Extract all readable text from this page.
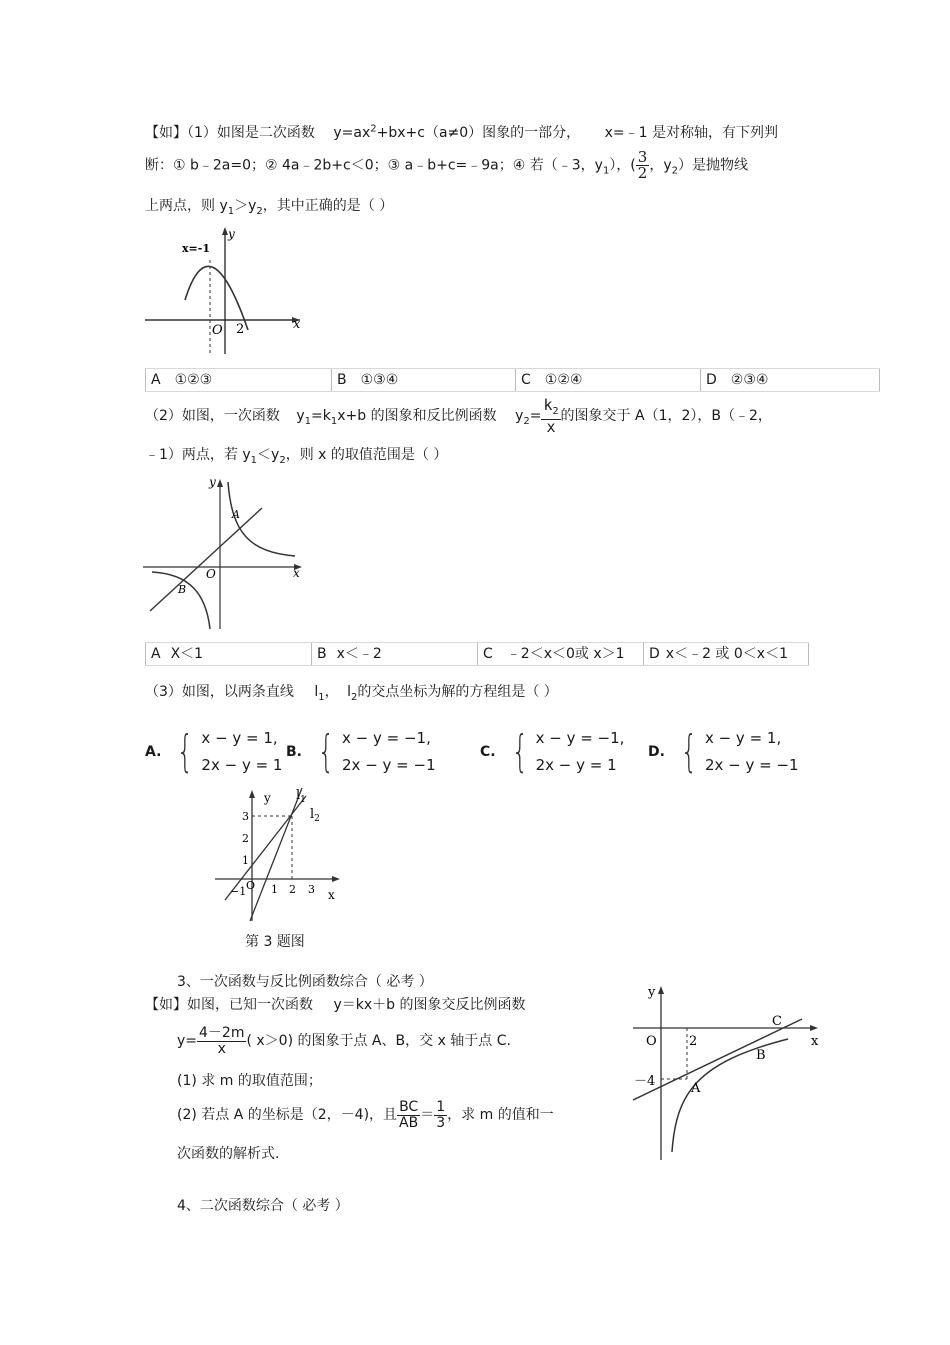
【如】（1）如图是二次函数 $y=ax^2+bx+c(a\ne 0)$图象的一部分， x=﹣1 是对称轴，有下列判
断：① b﹣2a=0；② 4a﹣2b+c＜0；③ a﹣b+c=﹣9a；④ 若（﹣3，$y_1$），( $\frac{3}{2}$ ，$y_2$）是抛物线
上两点，则 $y_1>y_2$，其中正确的是（ ）
x=-1
y
x
O 2
A ①②③	B ①③④	C ①②④	D ②③④
（2）如图，一次函数 $y_1=k_1x+b$ 的图象和反比例函数 $y_2= \frac{k_2}{x}$ 的图象交于 A（1，2），B（﹣2，
﹣1）两点，若 $y_1<y_2$，则 x 的取值范围是（ ）
y
x
O
A
B
A X＜1	B x＜﹣2	C ﹣2＜x＜0或 x＞1	D x＜﹣2 或 0＜x＜1
（3）如图，以两条直线 $l_1$， $l_2$的交点坐标为解的方程组是（ ）
A. { x − y = 1,
2x − y = 1
B. { x − y = −1,
2x − y = −1
C. { x − y = −1,
2x − y = 1
D. { x − y = 1,
2x − y = −1
y
x
$l_1$
$l_2$
3
2
1
O
−1 1 2 3
第 3 题图
3、一次函数与反比例函数综合（ 必考 ）
【如】如图，已知一次函数 y＝kx＋b 的图象交反比例函数
$y= \frac{4-2m}{x}$ ( x＞0) 的图象于点 A、B，交 x 轴于点 C.
(1) 求 m 的取值范围；
(2) 若点 A 的坐标是（2，－4)，且 $\frac{BC}{AB} = \frac{1}{3}$ ，求 m 的值和一
次函数的解析式.
y
x
O 2
－4	A
B
C
4、二次函数综合（ 必考 ）
